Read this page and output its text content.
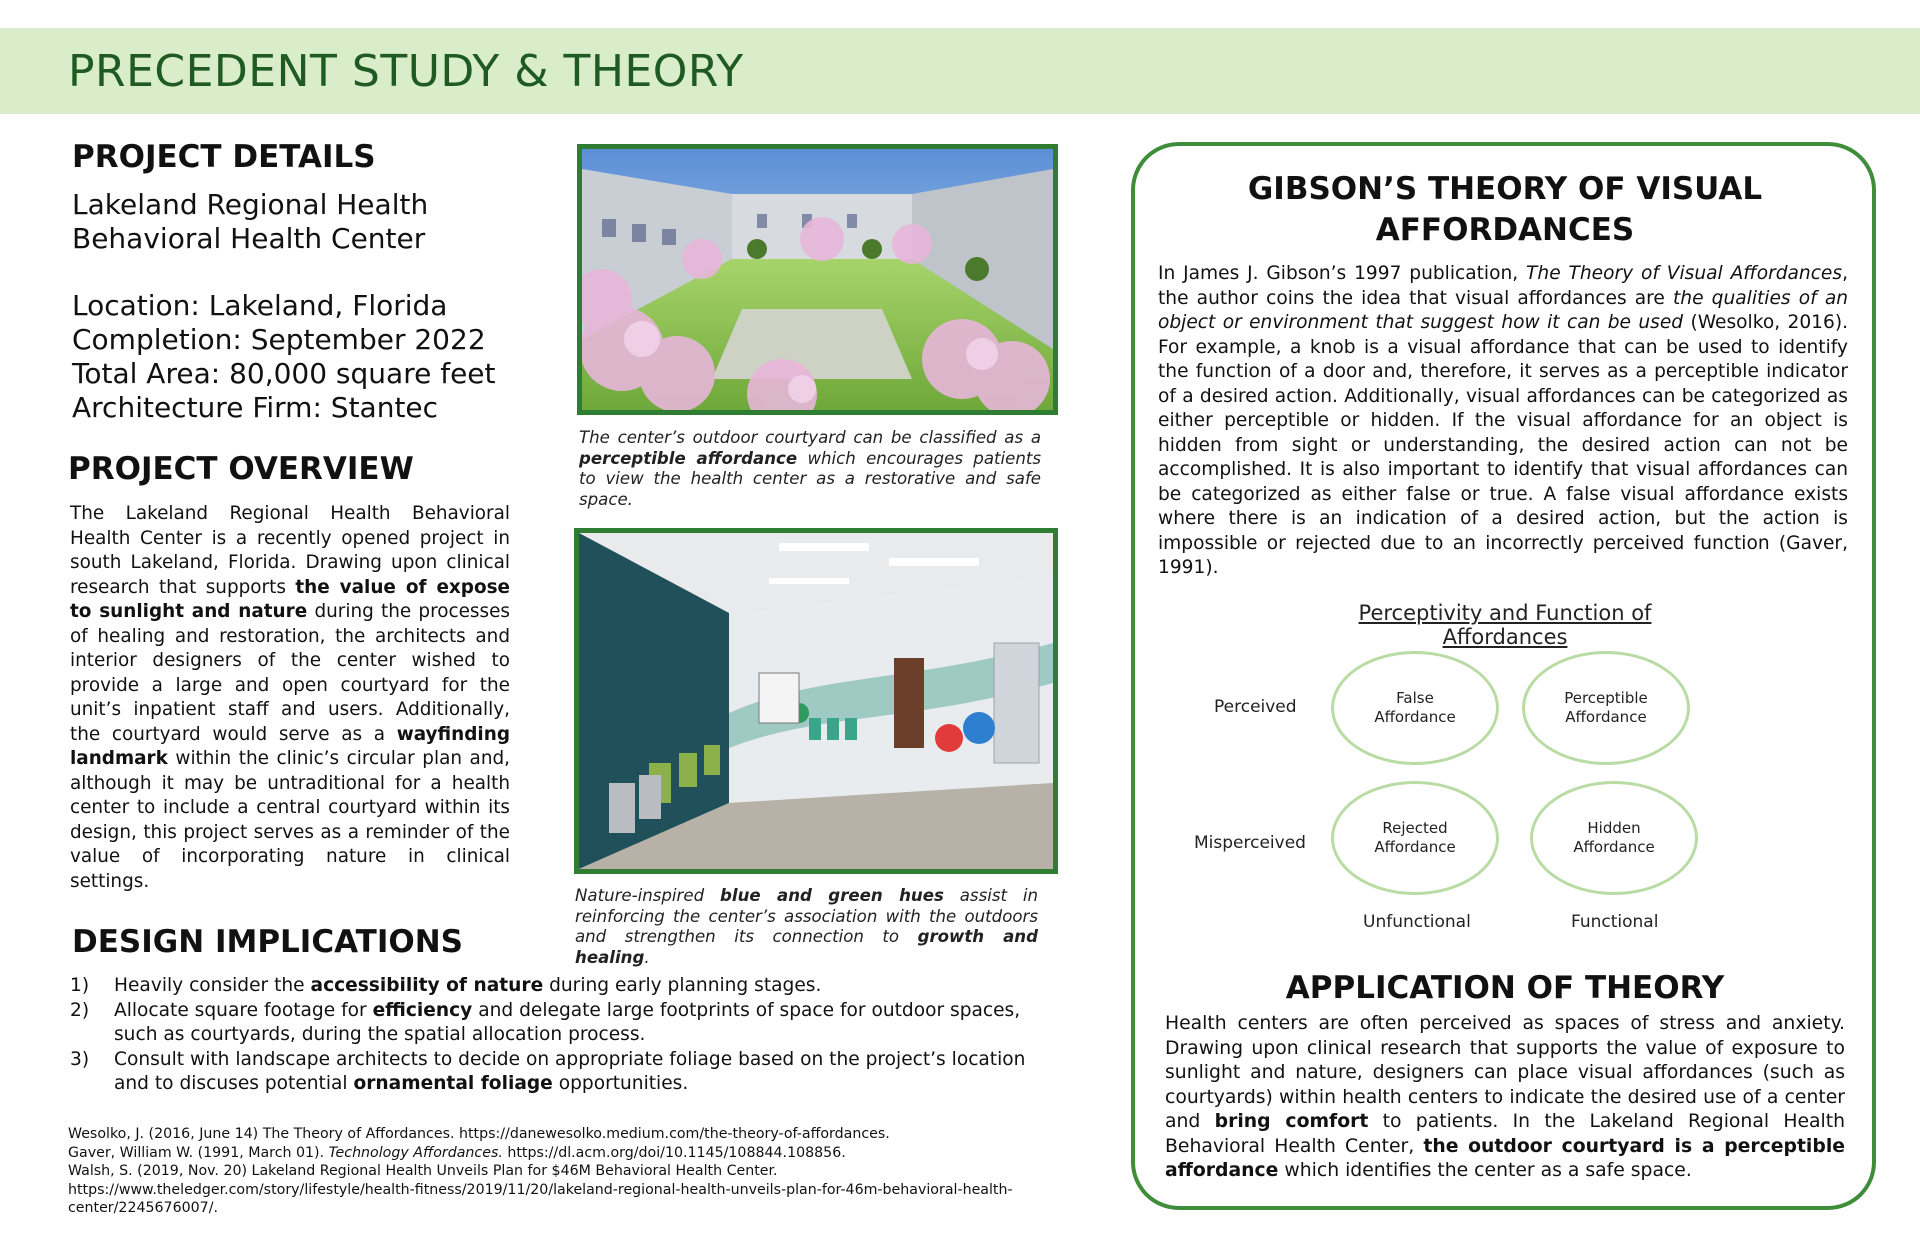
PRECEDENT STUDY & THEORY
PROJECT DETAILS
Lakeland Regional Health
Behavioral Health Center
Location: Lakeland, Florida
Completion: September 2022
Total Area: 80,000 square feet
Architecture Firm: Stantec
PROJECT OVERVIEW
The Lakeland Regional Health Behavioral Health Center is a recently opened project in south Lakeland, Florida. Drawing upon clinical research that supports the value of expose to sunlight and nature during the processes of healing and restoration, the architects and interior designers of the center wished to provide a large and open courtyard for the unit’s inpatient staff and users. Additionally, the courtyard would serve as a wayfinding landmark within the clinic’s circular plan and, although it may be untraditional for a health center to include a central courtyard within its design, this project serves as a reminder of the value of incorporating nature in clinical settings.
The center’s outdoor courtyard can be classified as a perceptible affordance which encourages patients to view the health center as a restorative and safe space.
Nature-inspired blue and green hues assist in reinforcing the center’s association with the outdoors and strengthen its connection to growth and healing.
DESIGN IMPLICATIONS
1) Heavily consider the accessibility of nature during early planning stages.
2) Allocate square footage for efficiency and delegate large footprints of space for outdoor spaces, such as courtyards, during the spatial allocation process.
3) Consult with landscape architects to decide on appropriate foliage based on the project’s location and to discuses potential ornamental foliage opportunities.
Wesolko, J. (2016, June 14) The Theory of Affordances. https://danewesolko.medium.com/the-theory-of-affordances.
Gaver, William W. (1991, March 01). Technology Affordances. https://dl.acm.org/doi/10.1145/108844.108856.
Walsh, S. (2019, Nov. 20) Lakeland Regional Health Unveils Plan for $46M Behavioral Health Center.
https://www.theledger.com/story/lifestyle/health-fitness/2019/11/20/lakeland-regional-health-unveils-plan-for-46m-behavioral-health-center/2245676007/.
GIBSON’S THEORY OF VISUAL
AFFORDANCES
In James J. Gibson’s 1997 publication, The Theory of Visual Affordances, the author coins the idea that visual affordances are the qualities of an object or environment that suggest how it can be used (Wesolko, 2016). For example, a knob is a visual affordance that can be used to identify the function of a door and, therefore, it serves as a perceptible indicator of a desired action. Additionally, visual affordances can be categorized as either perceptible or hidden. If the visual affordance for an object is hidden from sight or understanding, the desired action can not be accomplished. It is also important to identify that visual affordances can be categorized as either false or true. A false visual affordance exists where there is an indication of a desired action, but the action is impossible or rejected due to an incorrectly perceived function (Gaver, 1991).
Perceptivity and Function of Affordances
Perceived
Misperceived
Unfunctional	Functional
False
Affordance
Perceptible
Affordance
Rejected
Affordance
Hidden
Affordance
APPLICATION OF THEORY
Health centers are often perceived as spaces of stress and anxiety. Drawing upon clinical research that supports the value of exposure to sunlight and nature, designers can place visual affordances (such as courtyards) within health centers to indicate the desired use of a center and bring comfort to patients. In the Lakeland Regional Health Behavioral Health Center, the outdoor courtyard is a perceptible affordance which identifies the center as a safe space.
